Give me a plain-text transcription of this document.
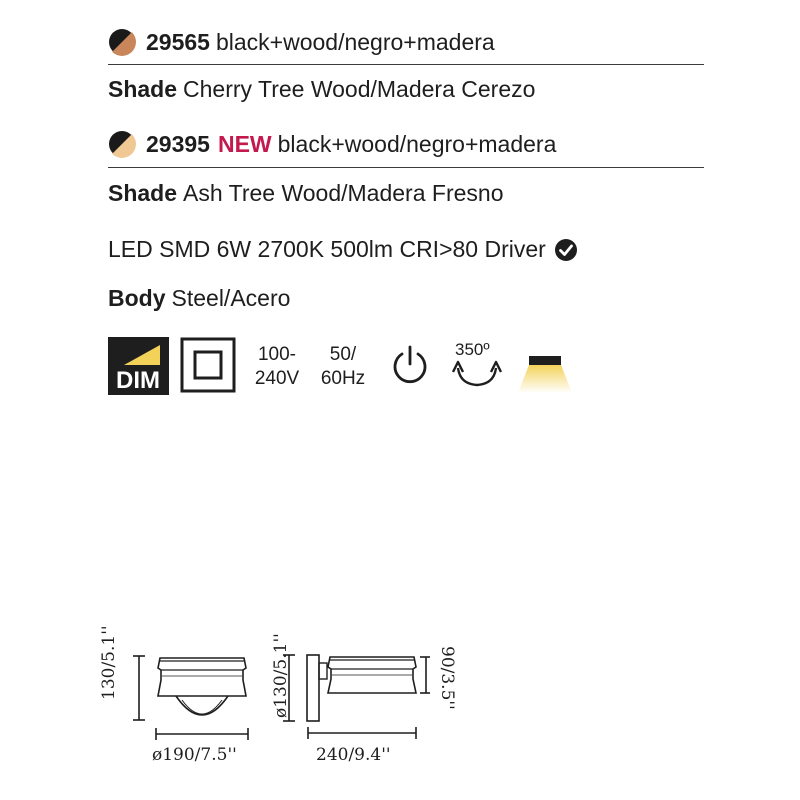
29565 black+wood/negro+madera
Shade Cherry Tree Wood/Madera Cerezo
29395 NEW black+wood/negro+madera
Shade Ash Tree Wood/Madera Fresno
LED SMD 6W 2700K 500lm CRI>80 Driver
Body Steel/Acero
DIM
100-
240V
50/
60Hz
350º
130/5.1''
ø190/7.5''
ø130/5.1''	90/3.5''
240/9.4''
